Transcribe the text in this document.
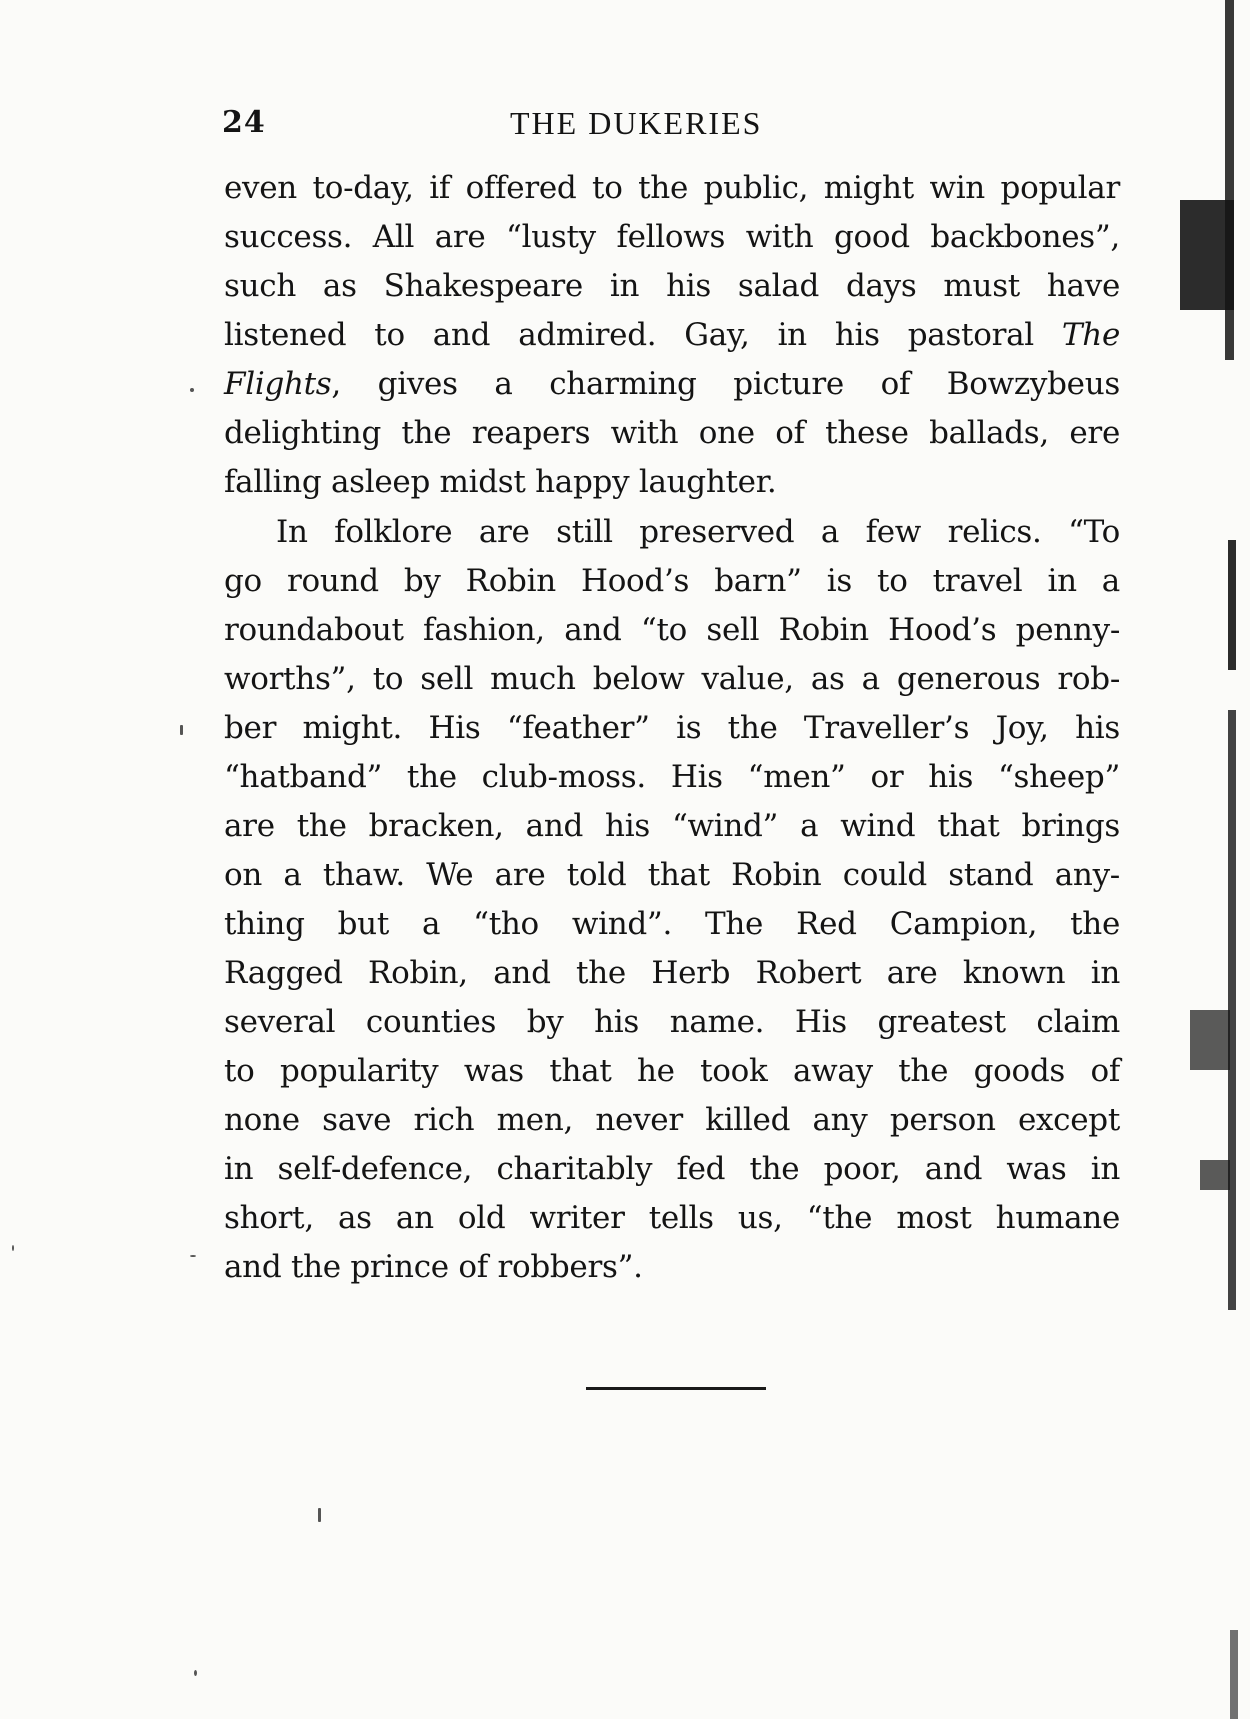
24	THE DUKERIES
even to-day, if offered to the public, might win popular
success. All are “lusty fellows with good backbones”,
such as Shakespeare in his salad days must have
listened to and admired. Gay, in his pastoral The
Flights, gives a charming picture of Bowzybeus
delighting the reapers with one of these ballads, ere
falling asleep midst happy laughter.
In folklore are still preserved a few relics. “To
go round by Robin Hood’s barn” is to travel in a
roundabout fashion, and “to sell Robin Hood’s penny-
worths”, to sell much below value, as a generous rob-
ber might. His “feather” is the Traveller’s Joy, his
“hatband” the club-moss. His “men” or his “sheep”
are the bracken, and his “wind” a wind that brings
on a thaw. We are told that Robin could stand any-
thing but a “tho wind”. The Red Campion, the
Ragged Robin, and the Herb Robert are known in
several counties by his name. His greatest claim
to popularity was that he took away the goods of
none save rich men, never killed any person except
in self-defence, charitably fed the poor, and was in
short, as an old writer tells us, “the most humane
and the prince of robbers”.
